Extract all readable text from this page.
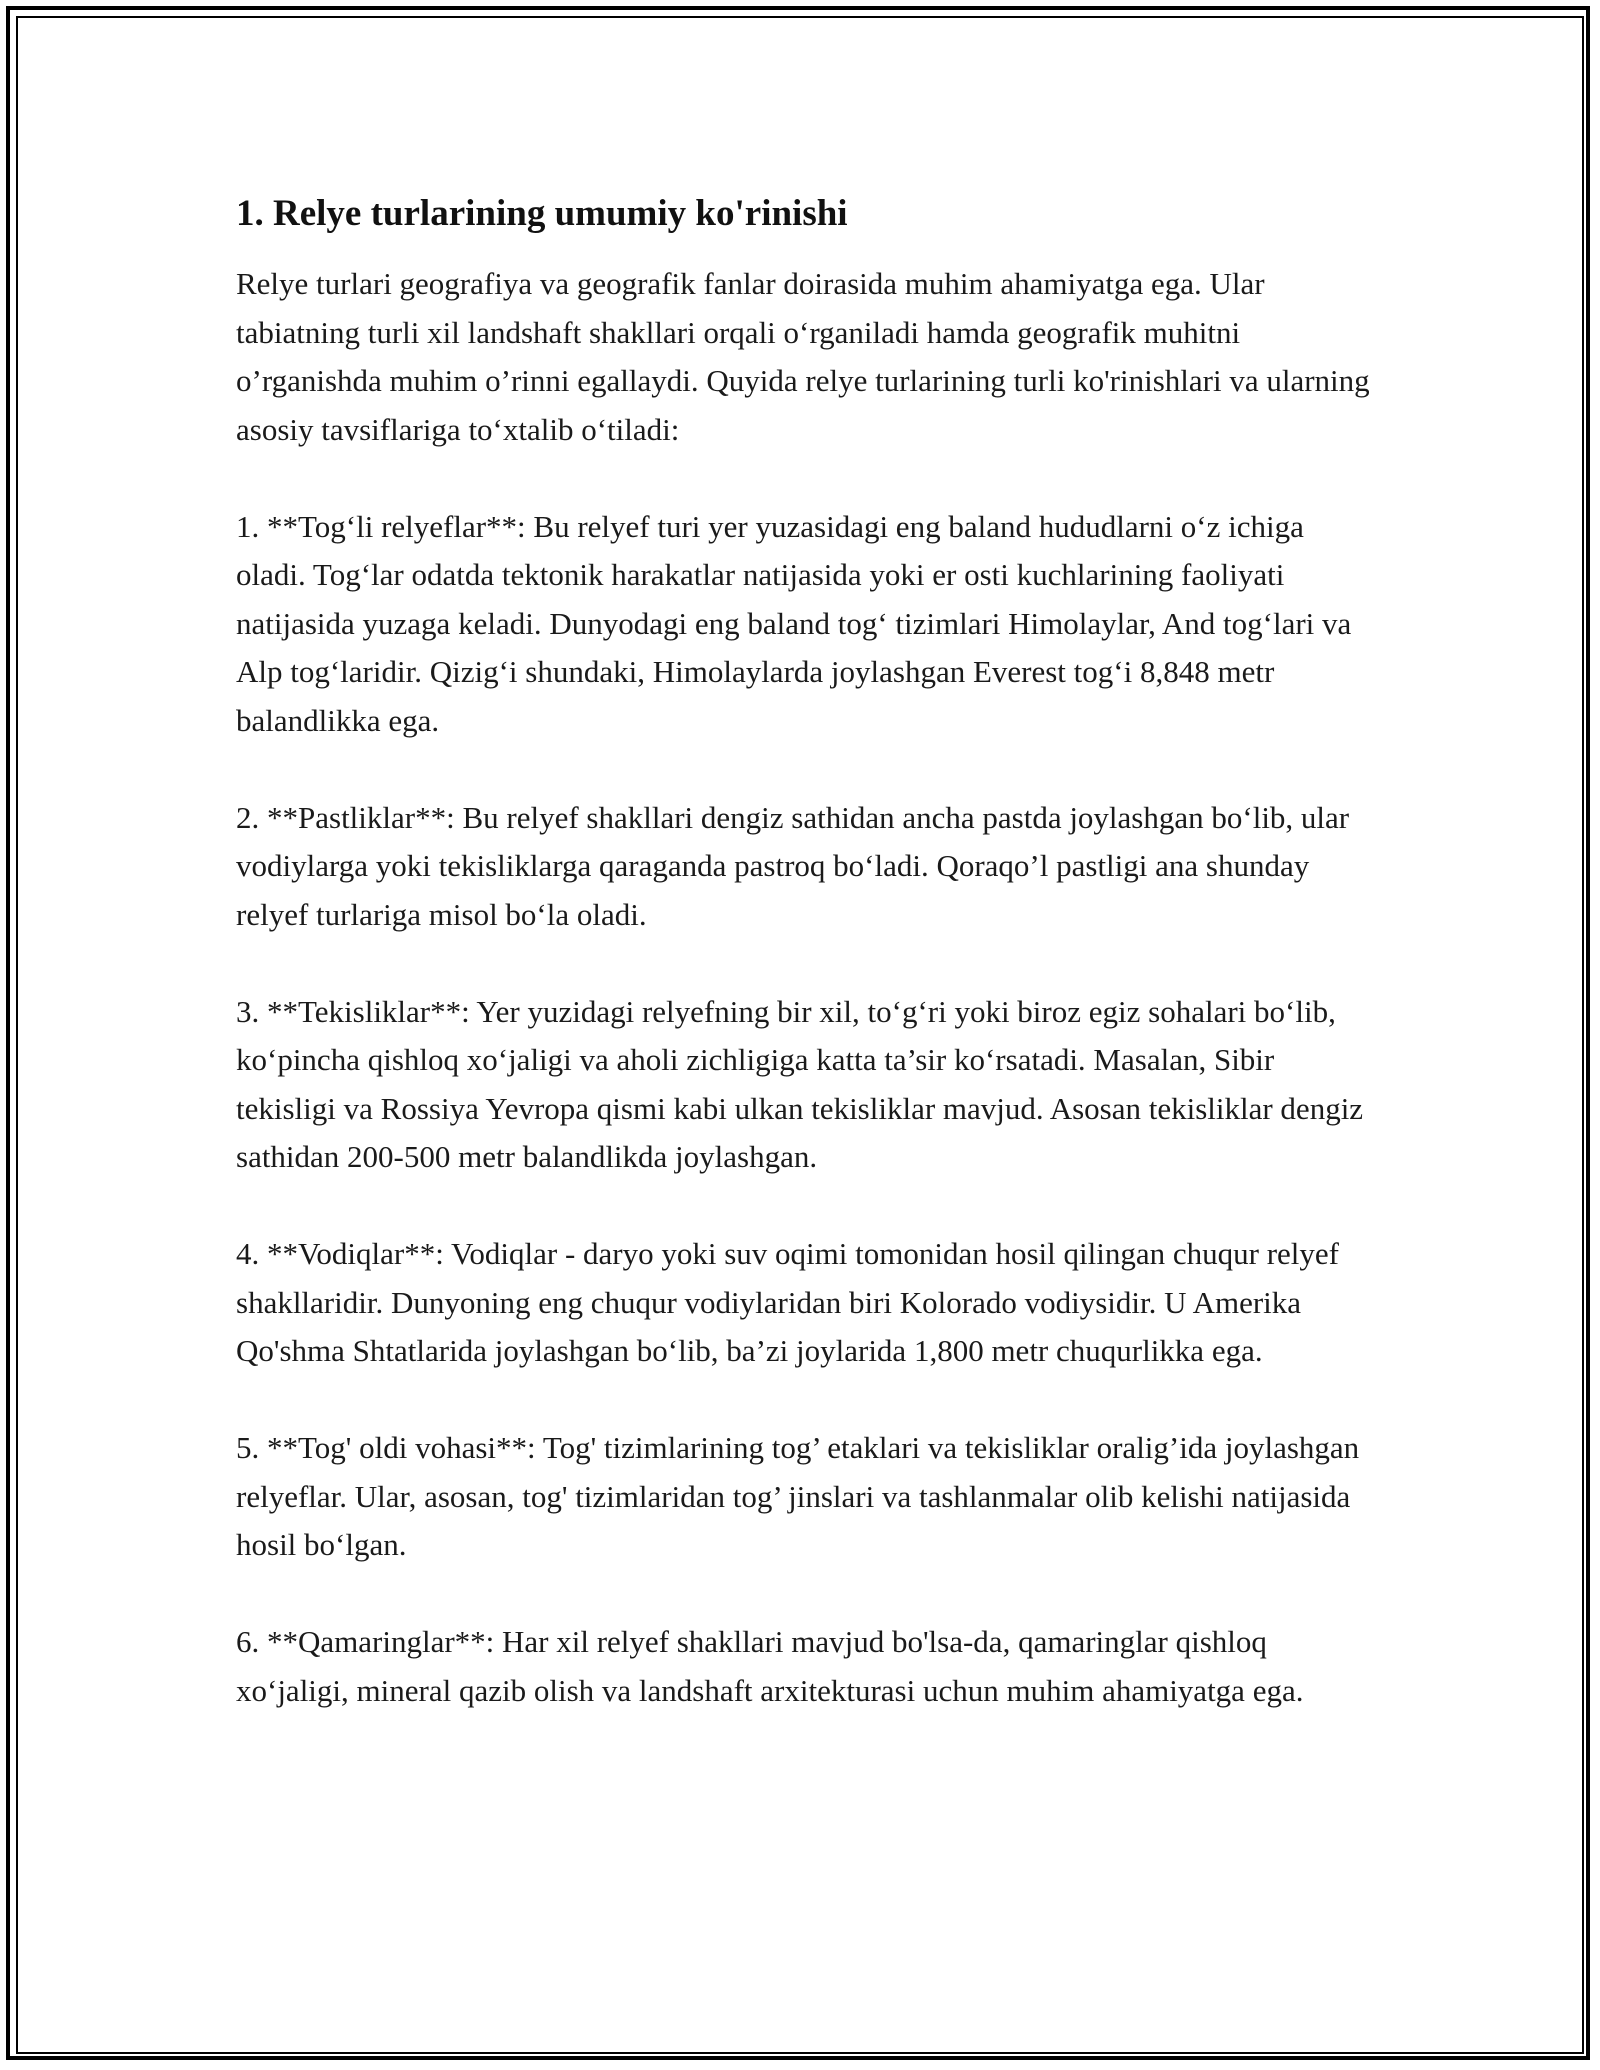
1. Relye turlarining umumiy ko'rinishi

Relye turlari geografiya va geografik fanlar doirasida muhim ahamiyatga ega. Ular tabiatning turli xil landshaft shakllari orqali o‘rganiladi hamda geografik muhitni o’rganishda muhim o’rinni egallaydi. Quyida relye turlarining turli ko'rinishlari va ularning asosiy tavsiflariga to‘xtalib o‘tiladi:

1. **Tog‘li relyeflar**: Bu relyef turi yer yuzasidagi eng baland hududlarni o‘z ichiga oladi. Tog‘lar odatda tektonik harakatlar natijasida yoki er osti kuchlarining faoliyati natijasida yuzaga keladi. Dunyodagi eng baland tog‘ tizimlari Himolaylar, And tog‘lari va Alp tog‘laridir. Qizig‘i shundaki, Himolaylarda joylashgan Everest tog‘i 8,848 metr balandlikka ega.

2. **Pastliklar**: Bu relyef shakllari dengiz sathidan ancha pastda joylashgan bo‘lib, ular vodiylarga yoki tekisliklarga qaraganda pastroq bo‘ladi. Qoraqo’l pastligi ana shunday relyef turlariga misol bo‘la oladi.

3. **Tekisliklar**: Yer yuzidagi relyefning bir xil, to‘g‘ri yoki biroz egiz sohalari bo‘lib, ko‘pincha qishloq xo‘jaligi va aholi zichligiga katta ta’sir ko‘rsatadi. Masalan, Sibir tekisligi va Rossiya Yevropa qismi kabi ulkan tekisliklar mavjud. Asosan tekisliklar dengiz sathidan 200-500 metr balandlikda joylashgan.

4. **Vodiqlar**: Vodiqlar - daryo yoki suv oqimi tomonidan hosil qilingan chuqur relyef shakllaridir. Dunyoning eng chuqur vodiylaridan biri Kolorado vodiysidir. U Amerika Qo'shma Shtatlarida joylashgan bo‘lib, ba’zi joylarida 1,800 metr chuqurlikka ega.

5. **Tog' oldi vohasi**: Tog' tizimlarining tog’ etaklari va tekisliklar oralig’ida joylashgan relyeflar. Ular, asosan, tog' tizimlaridan tog’ jinslari va tashlanmalar olib kelishi natijasida hosil bo‘lgan.

6. **Qamaringlar**: Har xil relyef shakllari mavjud bo'lsa-da, qamaringlar qishloq xo‘jaligi, mineral qazib olish va landshaft arxitekturasi uchun muhim ahamiyatga ega.
